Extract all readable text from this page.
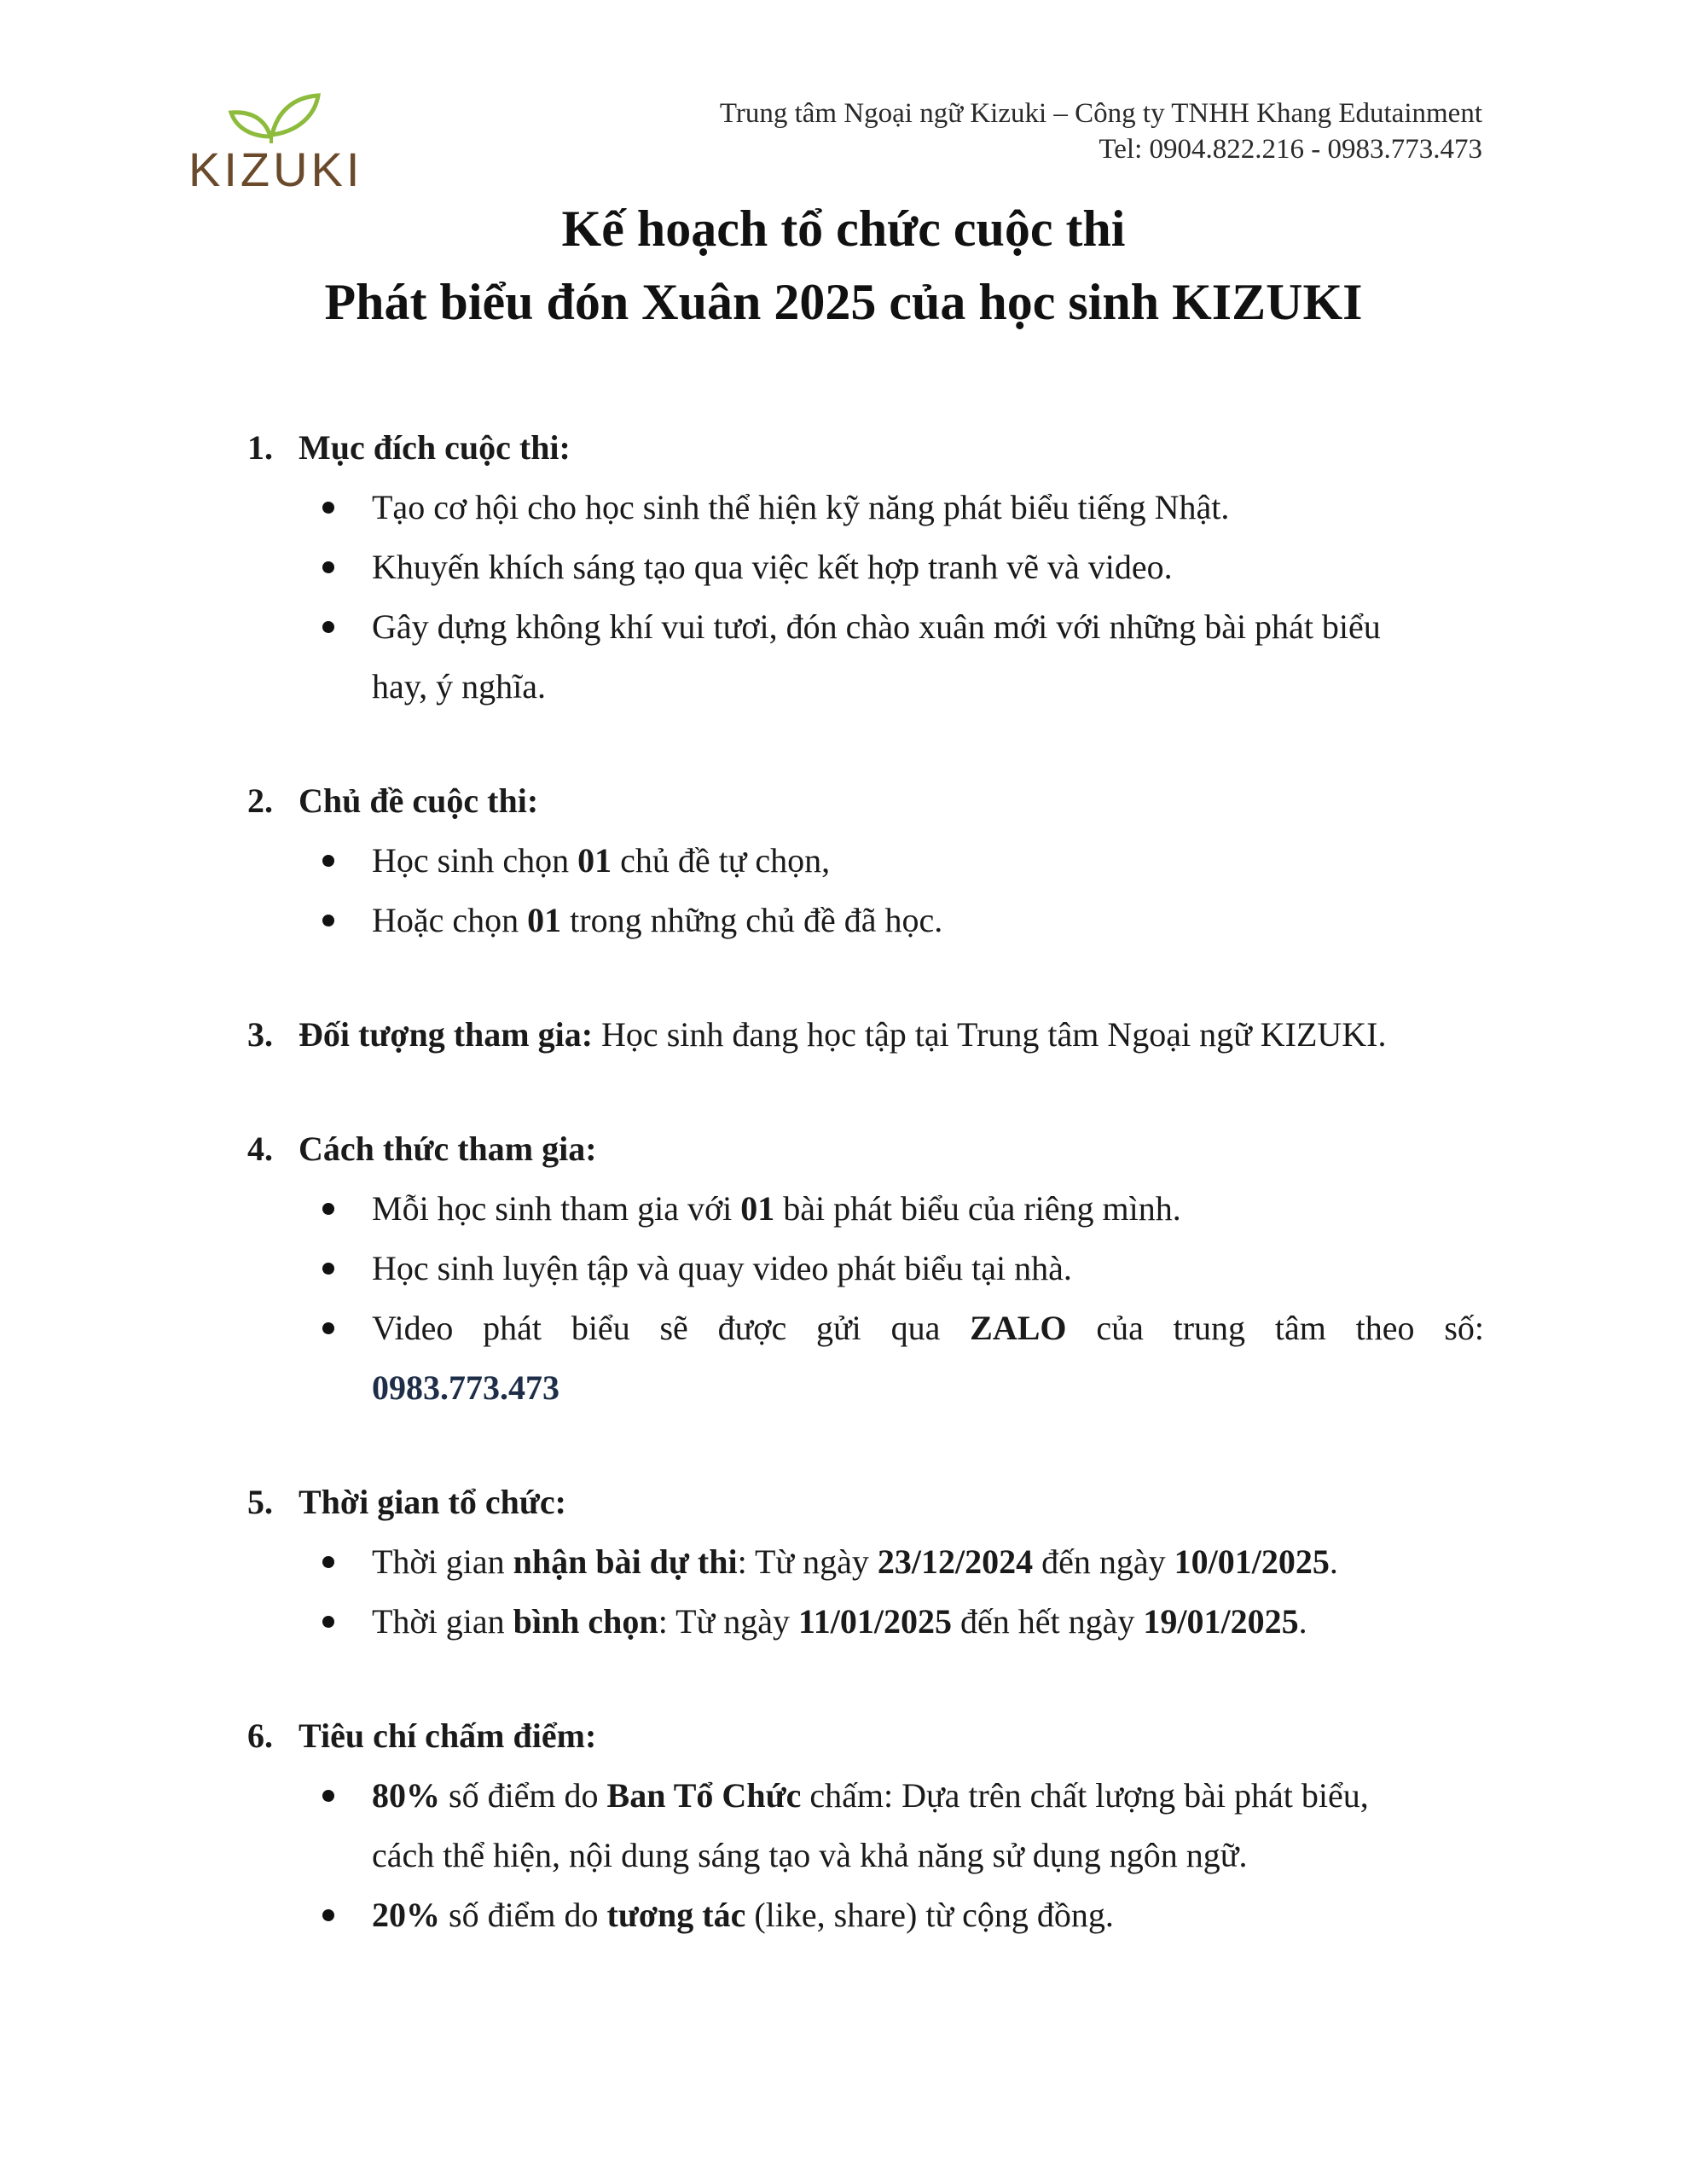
KIZUKI
Trung tâm Ngoại ngữ Kizuki – Công ty TNHH Khang Edutainment
Tel: 0904.822.216 - 0983.773.473
Kế hoạch tổ chức cuộc thi
Phát biểu đón Xuân 2025 của học sinh KIZUKI
1. Mục đích cuộc thi:
Tạo cơ hội cho học sinh thể hiện kỹ năng phát biểu tiếng Nhật.
Khuyến khích sáng tạo qua việc kết hợp tranh vẽ và video.
Gây dựng không khí vui tươi, đón chào xuân mới với những bài phát biểu
hay, ý nghĩa.
2. Chủ đề cuộc thi:
Học sinh chọn 01 chủ đề tự chọn,
Hoặc chọn 01 trong những chủ đề đã học.
3. Đối tượng tham gia: Học sinh đang học tập tại Trung tâm Ngoại ngữ KIZUKI.
4. Cách thức tham gia:
Mỗi học sinh tham gia với 01 bài phát biểu của riêng mình.
Học sinh luyện tập và quay video phát biểu tại nhà.
Video phát biểu sẽ được gửi qua ZALO của trung tâm theo số:
0983.773.473
5. Thời gian tổ chức:
Thời gian nhận bài dự thi: Từ ngày 23/12/2024 đến ngày 10/01/2025.
Thời gian bình chọn: Từ ngày 11/01/2025 đến hết ngày 19/01/2025.
6. Tiêu chí chấm điểm:
80% số điểm do Ban Tổ Chức chấm: Dựa trên chất lượng bài phát biểu,
cách thể hiện, nội dung sáng tạo và khả năng sử dụng ngôn ngữ.
20% số điểm do tương tác (like, share) từ cộng đồng.
